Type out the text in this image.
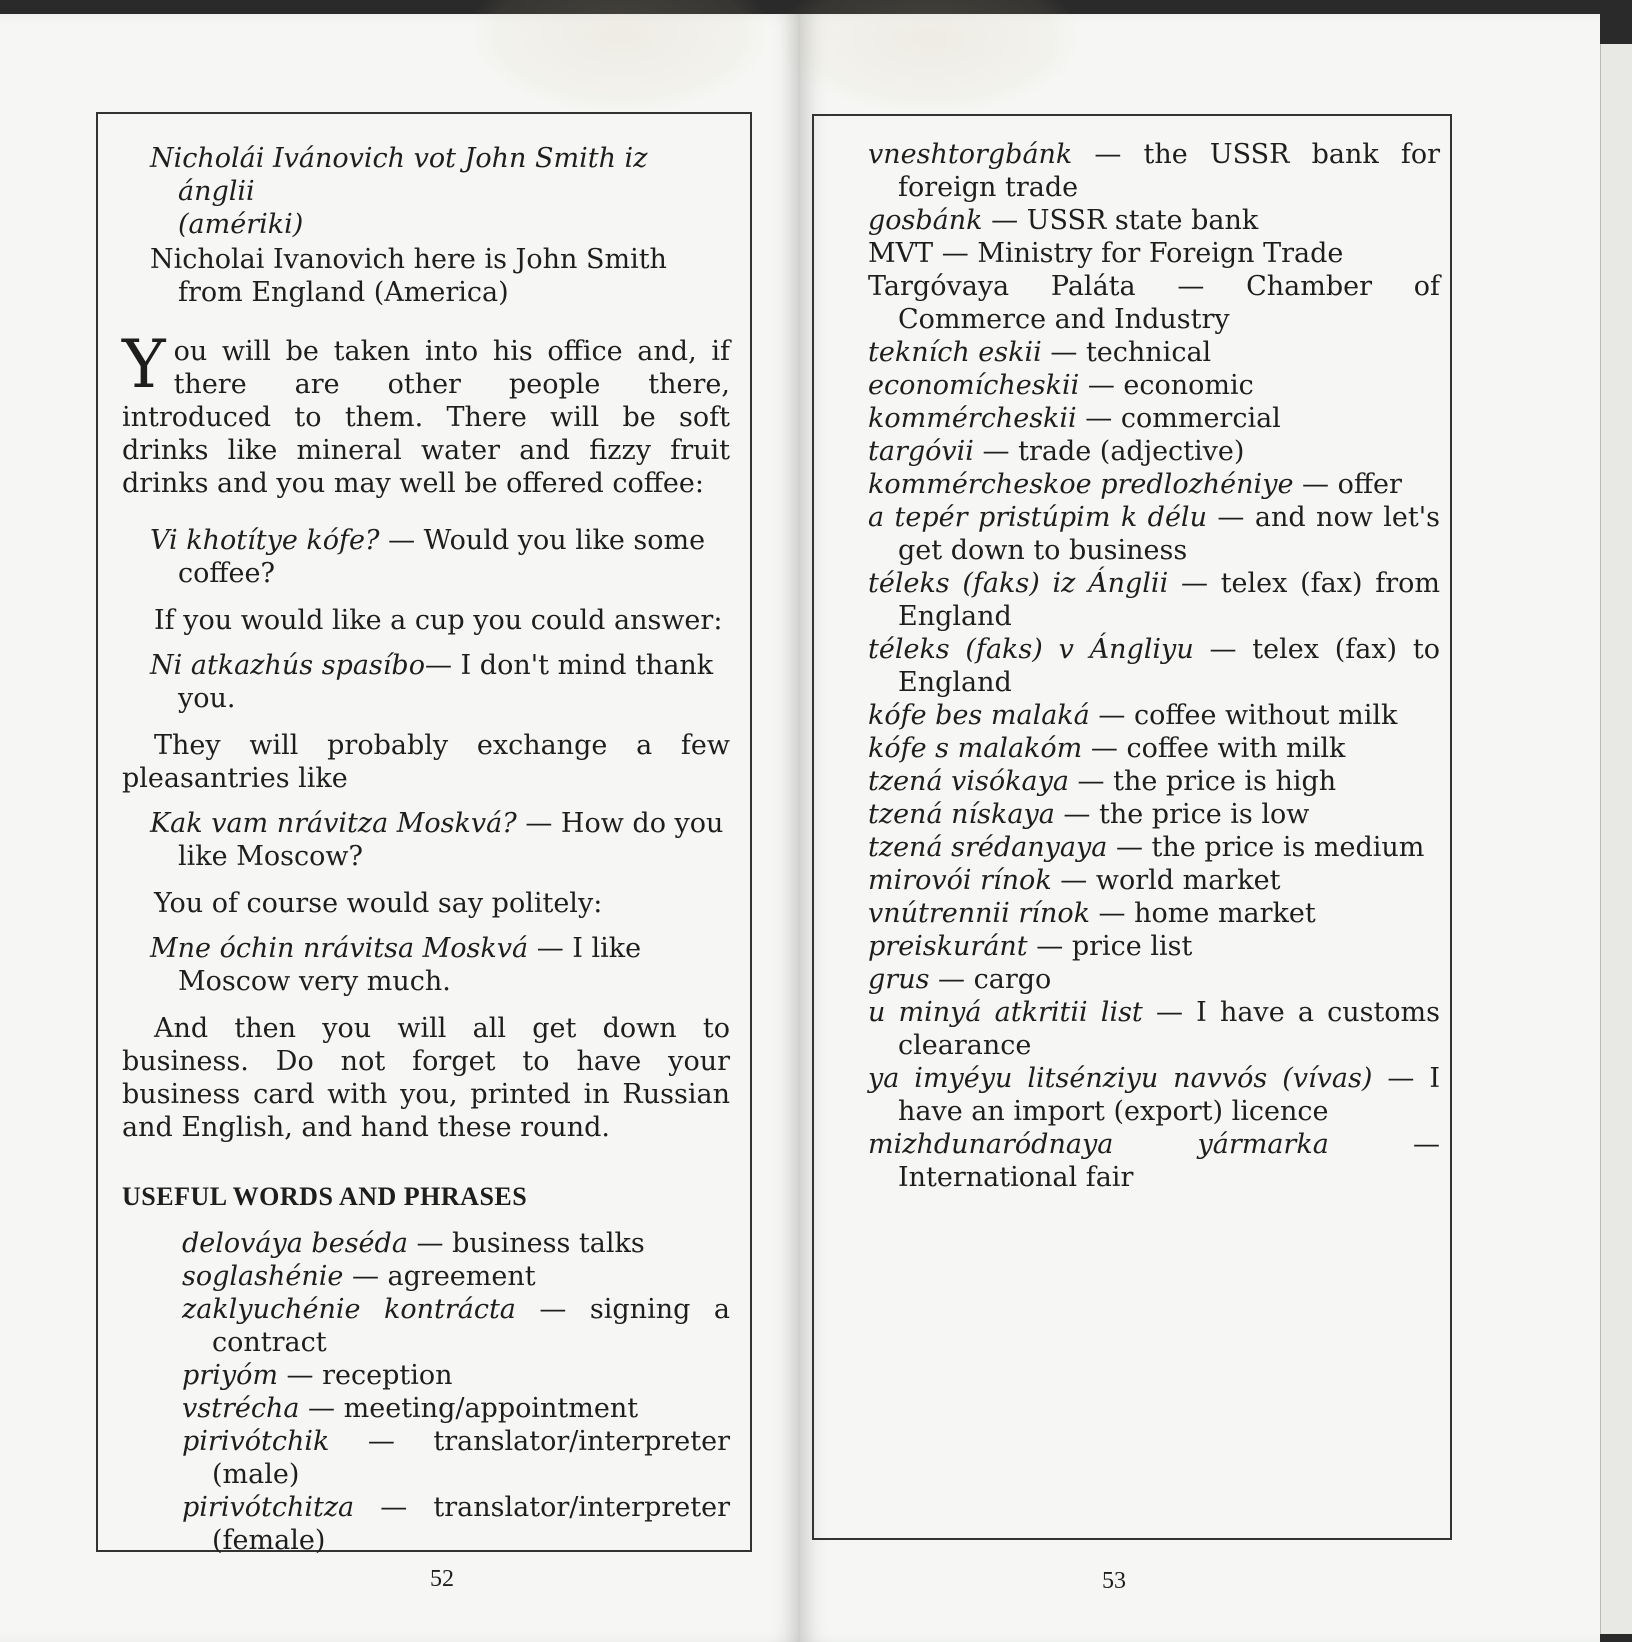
Nicholái Ivánovich vot John Smith iz ánglii
(amériki)

Nicholai Ivanovich here is John Smith from England (America)

You will be taken into his office and, if there are other people there, introduced to them. There will be soft drinks like mineral water and fizzy fruit drinks and you may well be offered coffee:

Vi khotítye kófe? — Would you like some coffee?

If you would like a cup you could answer:

Ni atkazhús spasíbo— I don't mind thank you.

They will probably exchange a few pleasantries like

Kak vam nrávitza Moskvá? — How do you like Moscow?

You of course would say politely:

Mne óchin nrávitsa Moskvá — I like Moscow very much.

And then you will all get down to business. Do not forget to have your business card with you, printed in Russian and English, and hand these round.

USEFUL WORDS AND PHRASES

delováya beséda — business talks

soglashénie — agreement

zaklyuchénie kontrácta — signing a contract

priyóm — reception

vstrécha — meeting/appointment

pirivótchik — translator/interpreter (male)

pirivótchitza — translator/interpreter (female)

52

vneshtorgbánk — the USSR bank for foreign trade

gosbánk — USSR state bank

MVT — Ministry for Foreign Trade

Targóvaya Paláta — Chamber of Commerce and Industry

tekních eskii — technical

economícheskii — economic

kommércheskii — commercial

targóvii — trade (adjective)

kommércheskoe predlozhéniye — offer

a tepér pristúpim k délu — and now let's get down to business

téleks (faks) iz Ánglii — telex (fax) from England

téleks (faks) v Ángliyu — telex (fax) to England

kófe bes malaká — coffee without milk

kófe s malakóm — coffee with milk

tzená visókaya — the price is high

tzená nískaya — the price is low

tzená srédanyaya — the price is medium

mirovói rínok — world market

vnútrennii rínok — home market

preiskuránt — price list

grus — cargo

u minyá atkritii list — I have a customs clearance

ya imyéyu litsénziyu navvós (vívas) — I have an import (export) licence

mizhdunaródnaya yármarka	— International fair

53
